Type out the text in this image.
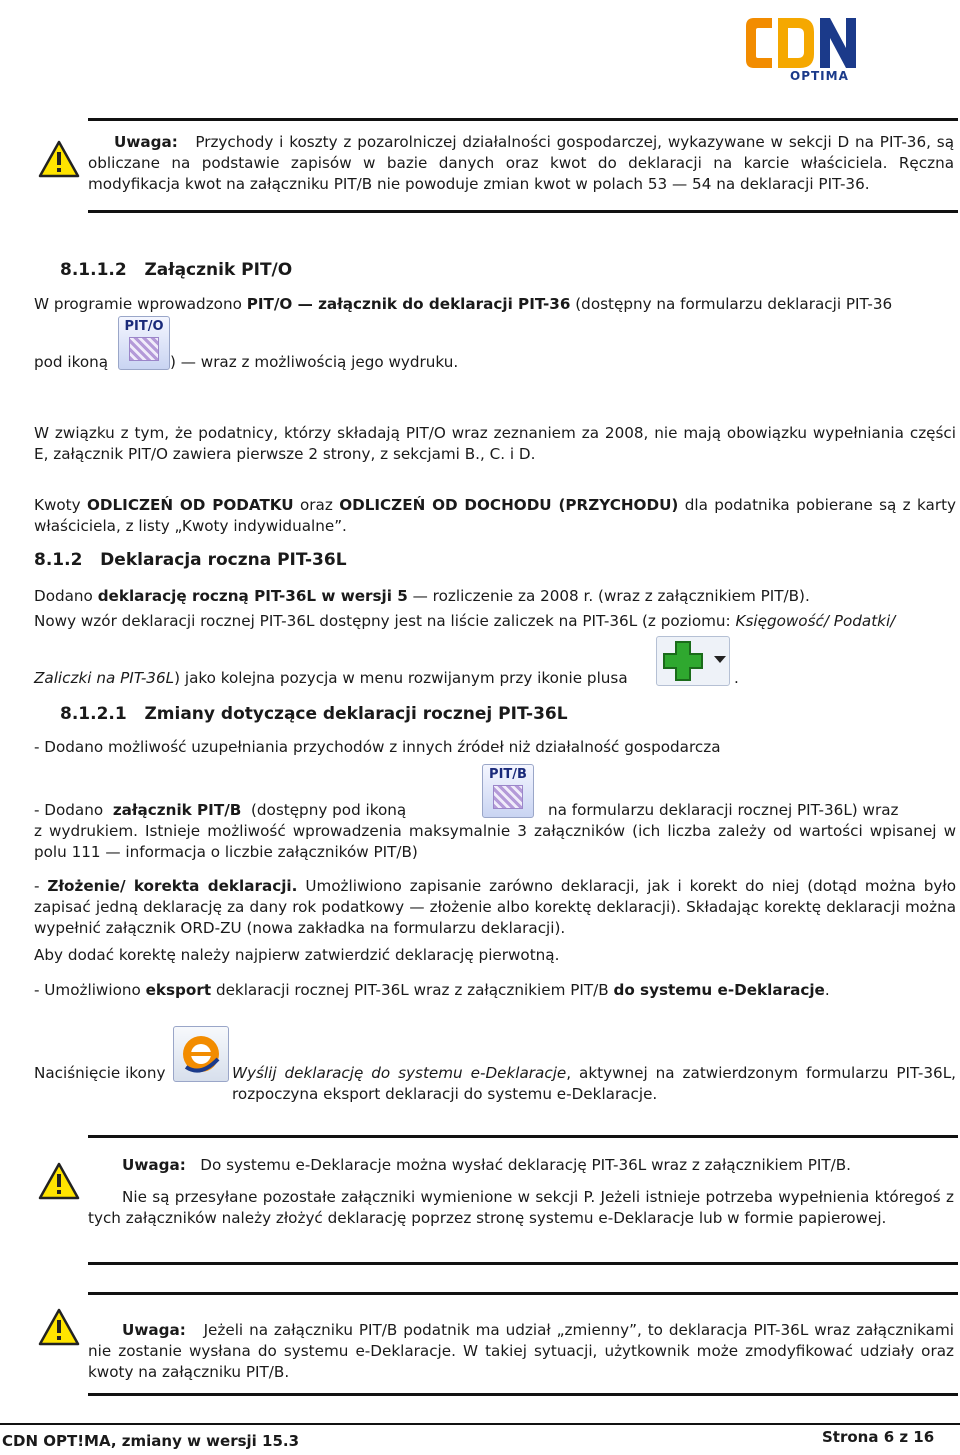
OPTIMA

Uwaga: Przychody i koszty z pozarolniczej działalności gospodarczej, wykazywane w sekcji D na PIT-36, są obliczane na podstawie zapisów w bazie danych oraz kwot do deklaracji na karcie właściciela. Ręczna modyfikacja kwot na załączniku PIT/B nie powoduje zmian kwot w polach 53 — 54 na deklaracji PIT-36.

8.1.1.2 Załącznik PIT/O

W programie wprowadzono PIT/O — załącznik do deklaracji PIT-36 (dostępny na formularzu deklaracji PIT-36

pod ikoną
PIT/O
) — wraz z możliwością jego wydruku.

W związku z tym, że podatnicy, którzy składają PIT/O wraz zeznaniem za 2008, nie mają obowiązku wypełniania części E, załącznik PIT/O zawiera pierwsze 2 strony, z sekcjami B., C. i D.

Kwoty ODLICZEŃ OD PODATKU oraz ODLICZEŃ OD DOCHODU (PRZYCHODU) dla podatnika pobierane są z karty właściciela, z listy „Kwoty indywidualne”.

8.1.2 Deklaracja roczna PIT-36L

Dodano deklarację roczną PIT-36L w wersji 5 — rozliczenie za 2008 r. (wraz z załącznikiem PIT/B).

Nowy wzór deklaracji rocznej PIT-36L dostępny jest na liście zaliczek na PIT-36L (z poziomu: Księgowość/ Podatki/

Zaliczki na PIT-36L) jako kolejna pozycja w menu rozwijanym przy ikonie plusa	.
8.1.2.1 Zmiany dotyczące deklaracji rocznej PIT-36L

- Dodano możliwość uzupełniania przychodów z innych źródeł niż działalność gospodarcza

- Dodano załącznik PIT/B (dostępny pod ikoną

PIT/B

na formularzu deklaracji rocznej PIT-36L) wraz

z wydrukiem. Istnieje możliwość wprowadzenia maksymalnie 3 załączników (ich liczba zależy od wartości wpisanej w polu 111 — informacja o liczbie załączników PIT/B)

- Złożenie/ korekta deklaracji. Umożliwiono zapisanie zarówno deklaracji, jak i korekt do niej (dotąd można było zapisać jedną deklarację za dany rok podatkowy — złożenie albo korektę deklaracji). Składając korektę deklaracji można wypełnić załącznik ORD-ZU (nowa zakładka na formularzu deklaracji).

Aby dodać korektę należy najpierw zatwierdzić deklarację pierwotną.

- Umożliwiono eksport deklaracji rocznej PIT-36L wraz z załącznikiem PIT/B do systemu e-Deklaracje.

Naciśnięcie ikony	Wyślij deklarację do systemu e-Deklaracje, aktywnej na zatwierdzonym formularzu PIT-36L, rozpoczyna eksport deklaracji do systemu e-Deklaracje.

Uwaga: Do systemu e-Deklaracje można wysłać deklarację PIT-36L wraz z załącznikiem PIT/B.

Nie są przesyłane pozostałe załączniki wymienione w sekcji P. Jeżeli istnieje potrzeba wypełnienia któregoś z tych załączników należy złożyć deklarację poprzez stronę systemu e-Deklaracje lub w formie papierowej.

Uwaga: Jeżeli na załączniku PIT/B podatnik ma udział „zmienny”, to deklaracja PIT-36L wraz załącznikami nie zostanie wysłana do systemu e-Deklaracje. W takiej sytuacji, użytkownik może zmodyfikować udziały oraz kwoty na załączniku PIT/B.

CDN OPT!MA, zmiany w wersji 15.3	Strona 6 z 16
